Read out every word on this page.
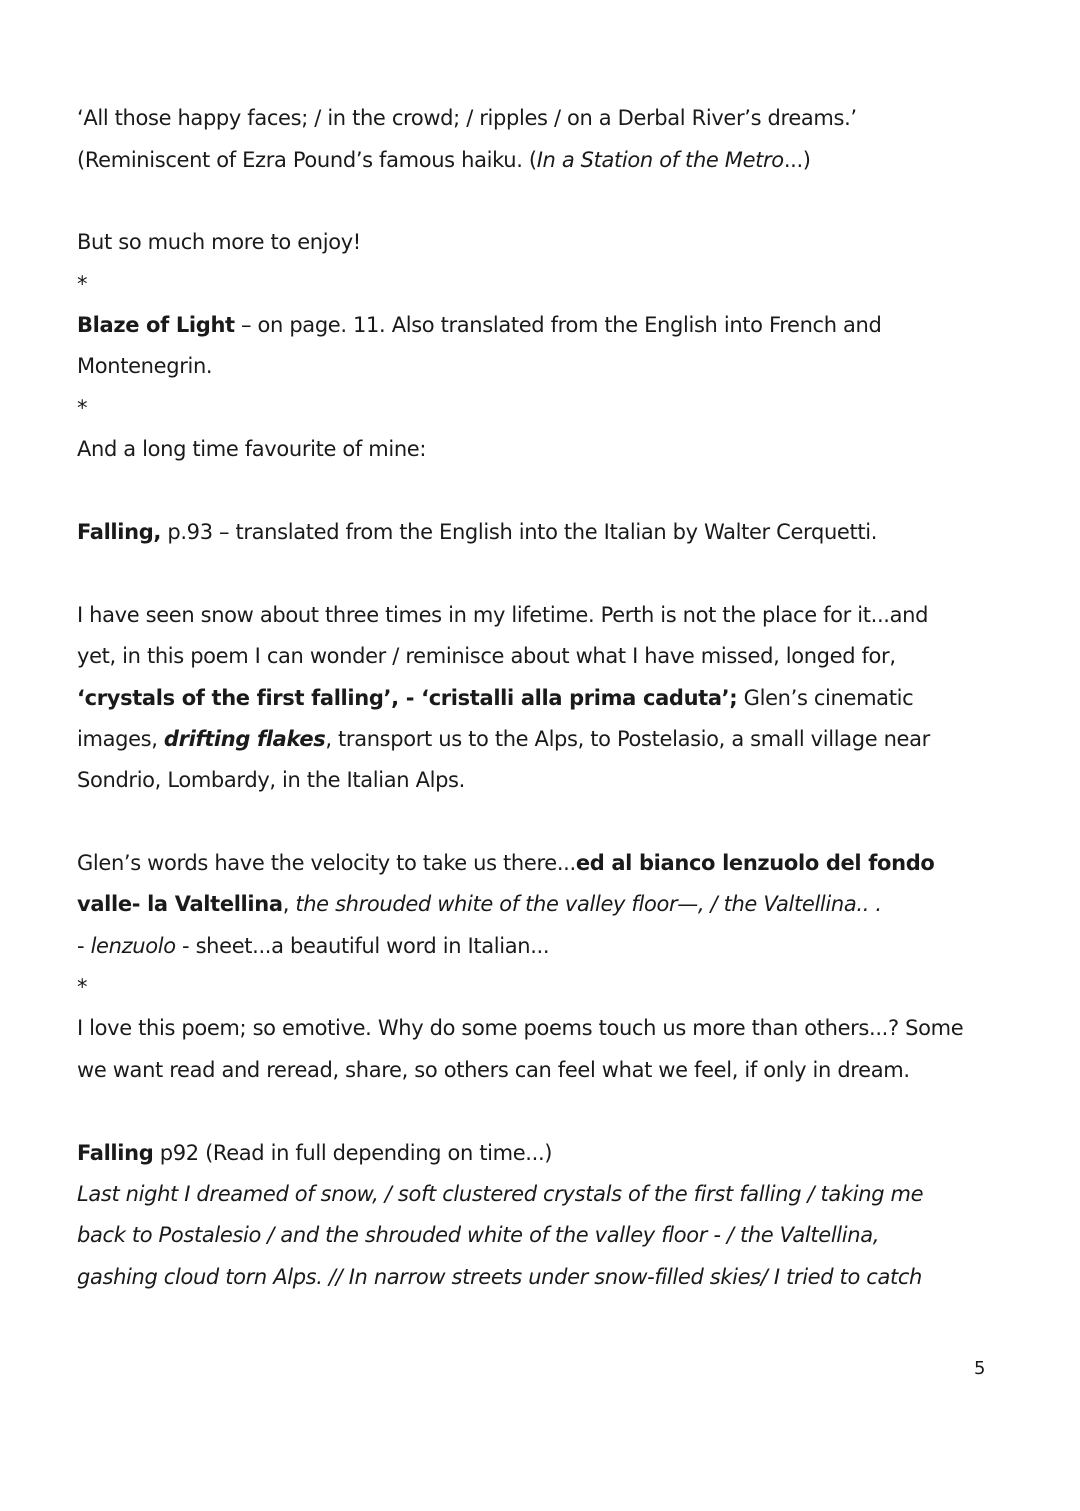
‘All those happy faces; / in the crowd; / ripples / on a Derbal River’s dreams.’
(Reminiscent of Ezra Pound’s famous haiku. (In a Station of the Metro...)
But so much more to enjoy!
*
Blaze of Light – on page. 11. Also translated from the English into French and
Montenegrin.
*
And a long time favourite of mine:
Falling, p.93 – translated from the English into the Italian by Walter Cerquetti.
I have seen snow about three times in my lifetime. Perth is not the place for it...and
yet, in this poem I can wonder / reminisce about what I have missed, longed for,
‘crystals of the first falling’, - ‘cristalli alla prima caduta’; Glen’s cinematic
images, drifting flakes, transport us to the Alps, to Postelasio, a small village near
Sondrio, Lombardy, in the Italian Alps.
Glen’s words have the velocity to take us there...ed al bianco lenzuolo del fondo
valle- la Valtellina, the shrouded white of the valley floor—, / the Valtellina.. .
- lenzuolo - sheet...a beautiful word in Italian...
*
I love this poem; so emotive. Why do some poems touch us more than others...? Some
we want read and reread, share, so others can feel what we feel, if only in dream.
Falling p92 (Read in full depending on time...)
Last night I dreamed of snow, / soft clustered crystals of the first falling / taking me
back to Postalesio / and the shrouded white of the valley floor - / the Valtellina,
gashing cloud torn Alps. // In narrow streets under snow-filled skies/ I tried to catch
5
